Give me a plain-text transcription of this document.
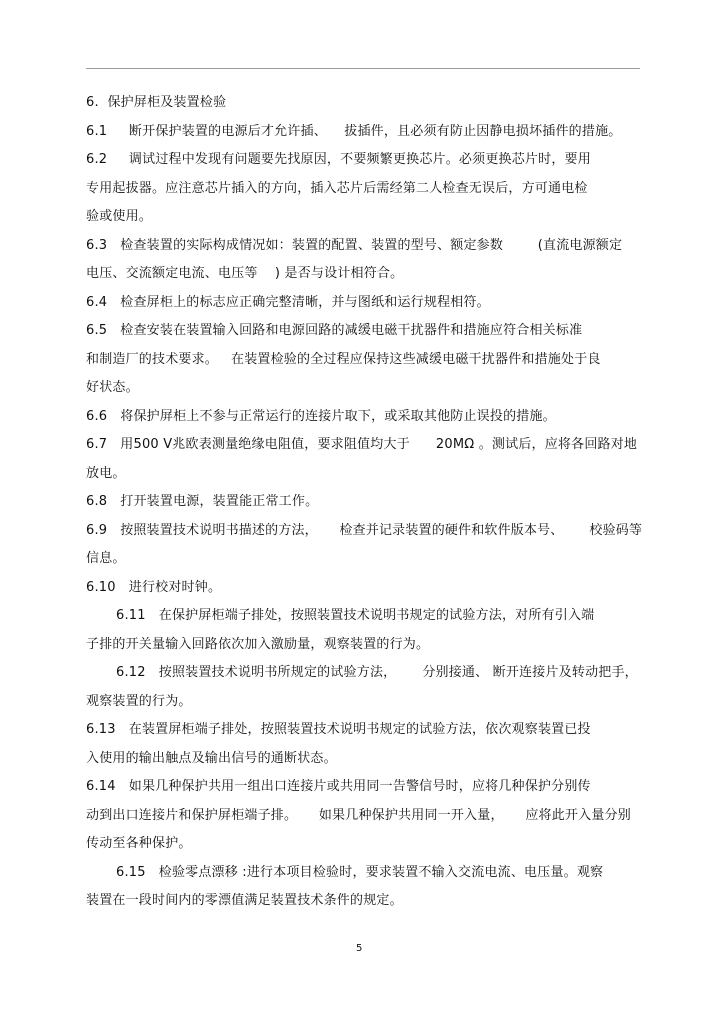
6.  保护屏柜及装置检验
6.1     断开保护装置的电源后才允许插、    拔插件，且必须有防止因静电损坏插件的措施。
6.2     调试过程中发现有问题要先找原因，不要频繁更换芯片。必须更换芯片时，要用
专用起拔器。应注意芯片插入的方向，插入芯片后需经第二人检查无误后，方可通电检
验或使用。
6.3   检查装置的实际构成情况如：装置的配置、装置的型号、额定参数        (直流电源额定
电压、交流额定电流、电压等    ) 是否与设计相符合。
6.4   检查屏柜上的标志应正确完整清晰，并与图纸和运行规程相符。
6.5   检查安装在装置输入回路和电源回路的减缓电磁干扰器件和措施应符合相关标准
和制造厂的技术要求。   在装置检验的全过程应保持这些减缓电磁干扰器件和措施处于良
好状态。
6.6   将保护屏柜上不参与正常运行的连接片取下，或采取其他防止误投的措施。
6.7   用500 V兆欧表测量绝缘电阻值，要求阻值均大于      20MΩ 。测试后，应将各回路对地
放电。
6.8   打开装置电源，装置能正常工作。
6.9   按照装置技术说明书描述的方法，     检查并记录装置的硬件和软件版本号、      校验码等
信息。
6.10   进行校对时钟。
6.11   在保护屏柜端子排处，按照装置技术说明书规定的试验方法，对所有引入端
子排的开关量输入回路依次加入激励量，观察装置的行为。
6.12   按照装置技术说明书所规定的试验方法，      分别接通、 断开连接片及转动把手，
观察装置的行为。
6.13   在装置屏柜端子排处，按照装置技术说明书规定的试验方法，依次观察装置已投
入使用的输出触点及输出信号的通断状态。
6.14   如果几种保护共用一组出口连接片或共用同一告警信号时，应将几种保护分别传
动到出口连接片和保护屏柜端子排。     如果几种保护共用同一开入量，     应将此开入量分别
传动至各种保护。
6.15   检验零点漂移 :进行本项目检验时，要求装置不输入交流电流、电压量。观察
装置在一段时间内的零漂值满足装置技术条件的规定。
5
